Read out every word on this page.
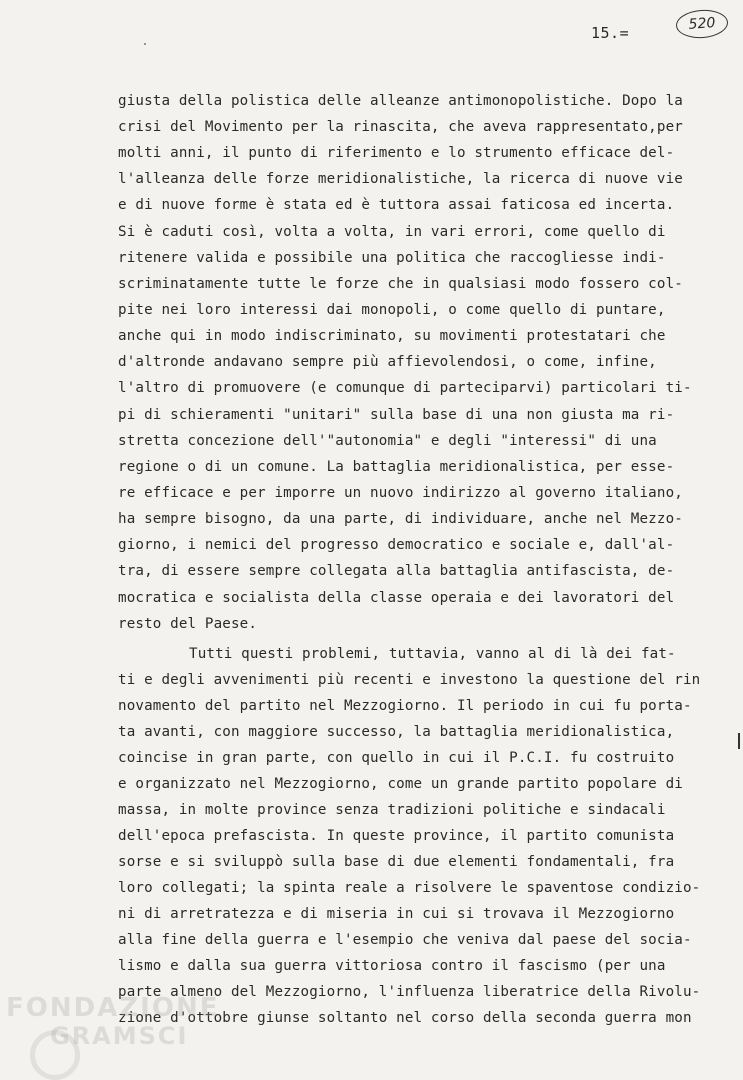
15.=	520
giusta della polistica delle alleanze antimonopolistiche. Dopo la
crisi del Movimento per la rinascita, che aveva rappresentato,per
molti anni, il punto di riferimento e lo strumento efficace del-
l'alleanza delle forze meridionalistiche, la ricerca di nuove vie
e di nuove forme è stata ed è tuttora assai faticosa ed incerta.
Si è caduti così, volta a volta, in vari errori, come quello di
ritenere valida e possibile una politica che raccogliesse indi-
scriminatamente tutte le forze che in qualsiasi modo fossero col-
pite nei loro interessi dai monopoli, o come quello di puntare,
anche qui in modo indiscriminato, su movimenti protestatari che
d'altronde andavano sempre più affievolendosi, o come, infine,
l'altro di promuovere (e comunque di parteciparvi) particolari ti-
pi di schieramenti "unitari" sulla base di una non giusta ma ri-
stretta concezione dell'"autonomia" e degli "interessi" di una
regione o di un comune. La battaglia meridionalistica, per esse-
re efficace e per imporre un nuovo indirizzo al governo italiano,
ha sempre bisogno, da una parte, di individuare, anche nel Mezzo-
giorno, i nemici del progresso democratico e sociale e, dall'al-
tra, di essere sempre collegata alla battaglia antifascista, de-
mocratica e socialista della classe operaia e dei lavoratori del
resto del Paese.
Tutti questi problemi, tuttavia, vanno al di là dei fat-
ti e degli avvenimenti più recenti e investono la questione del rin
novamento del partito nel Mezzogiorno. Il periodo in cui fu porta-
ta avanti, con maggiore successo, la battaglia meridionalistica,
coincise in gran parte, con quello in cui il P.C.I. fu costruito
e organizzato nel Mezzogiorno, come un grande partito popolare di
massa, in molte province senza tradizioni politiche e sindacali
dell'epoca prefascista. In queste province, il partito comunista
sorse e si sviluppò sulla base di due elementi fondamentali, fra
loro collegati; la spinta reale a risolvere le spaventose condizio-
ni di arretratezza e di miseria in cui si trovava il Mezzogiorno
alla fine della guerra e l'esempio che veniva dal paese del socia-
lismo e dalla sua guerra vittoriosa contro il fascismo (per una
parte almeno del Mezzogiorno, l'influenza liberatrice della Rivolu-
zione d'ottobre giunse soltanto nel corso della seconda guerra mon
FONDAZIONE
GRAMSCI
